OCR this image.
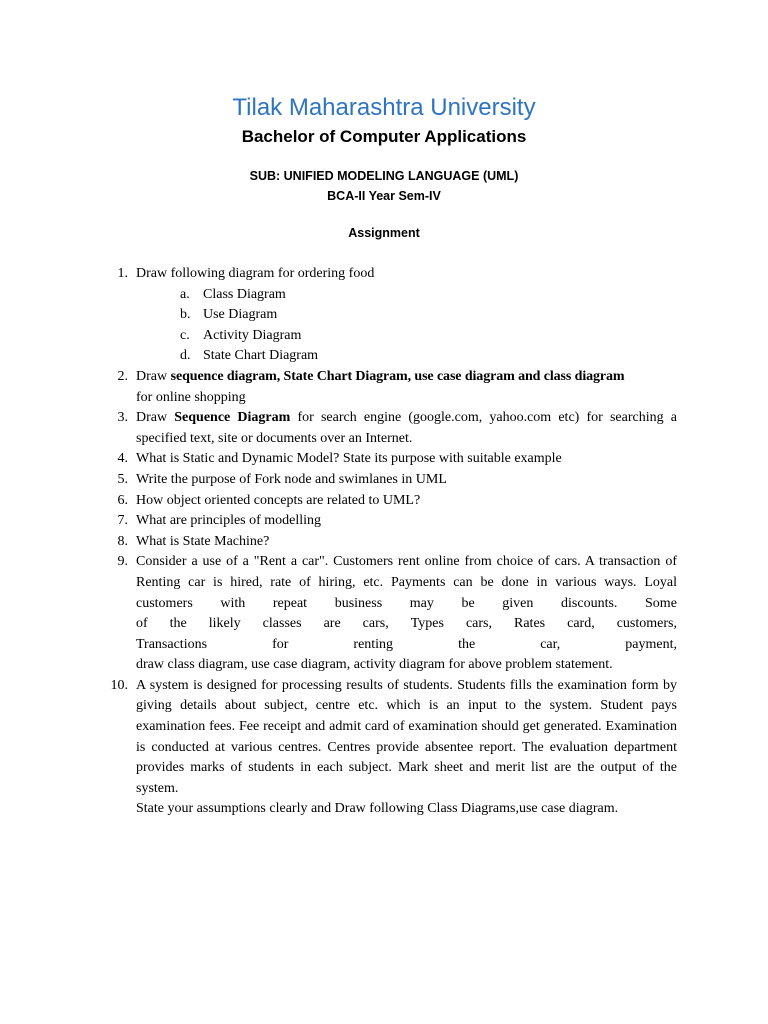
Tilak Maharashtra University
Bachelor of Computer Applications
SUB: UNIFIED MODELING LANGUAGE (UML)
BCA-II Year Sem-IV
Assignment
1. Draw following diagram for ordering food
a. Class Diagram
b. Use Diagram
c. Activity Diagram
d. State Chart Diagram
2. Draw sequence diagram, State Chart Diagram, use case diagram and class diagram
for online shopping
3. Draw Sequence Diagram for search engine (google.com, yahoo.com etc) for searching a specified text, site or documents over an Internet.
4. What is Static and Dynamic Model? State its purpose with suitable example
5. Write the purpose of Fork node and swimlanes in UML
6. How object oriented concepts are related to UML?
7. What are principles of modelling
8. What is State Machine?
9. Consider a use of a "Rent a car". Customers rent online from choice of cars. A transaction of Renting car is hired, rate of hiring, etc. Payments can be done in various ways. Loyal
customers with repeat business may be given discounts. Some
of the likely classes are cars, Types cars, Rates card, customers,
Transactions	for	renting	the	car,	payment,
draw class diagram, use case diagram, activity diagram for above problem statement.
10. A system is designed for processing results of students. Students fills the examination form by giving details about subject, centre etc. which is an input to the system. Student pays examination fees. Fee receipt and admit card of examination should get generated. Examination is conducted at various centres. Centres provide absentee report. The evaluation department provides marks of students in each subject. Mark sheet and merit list are the output of the system.
State your assumptions clearly and Draw following Class Diagrams,use case diagram.
